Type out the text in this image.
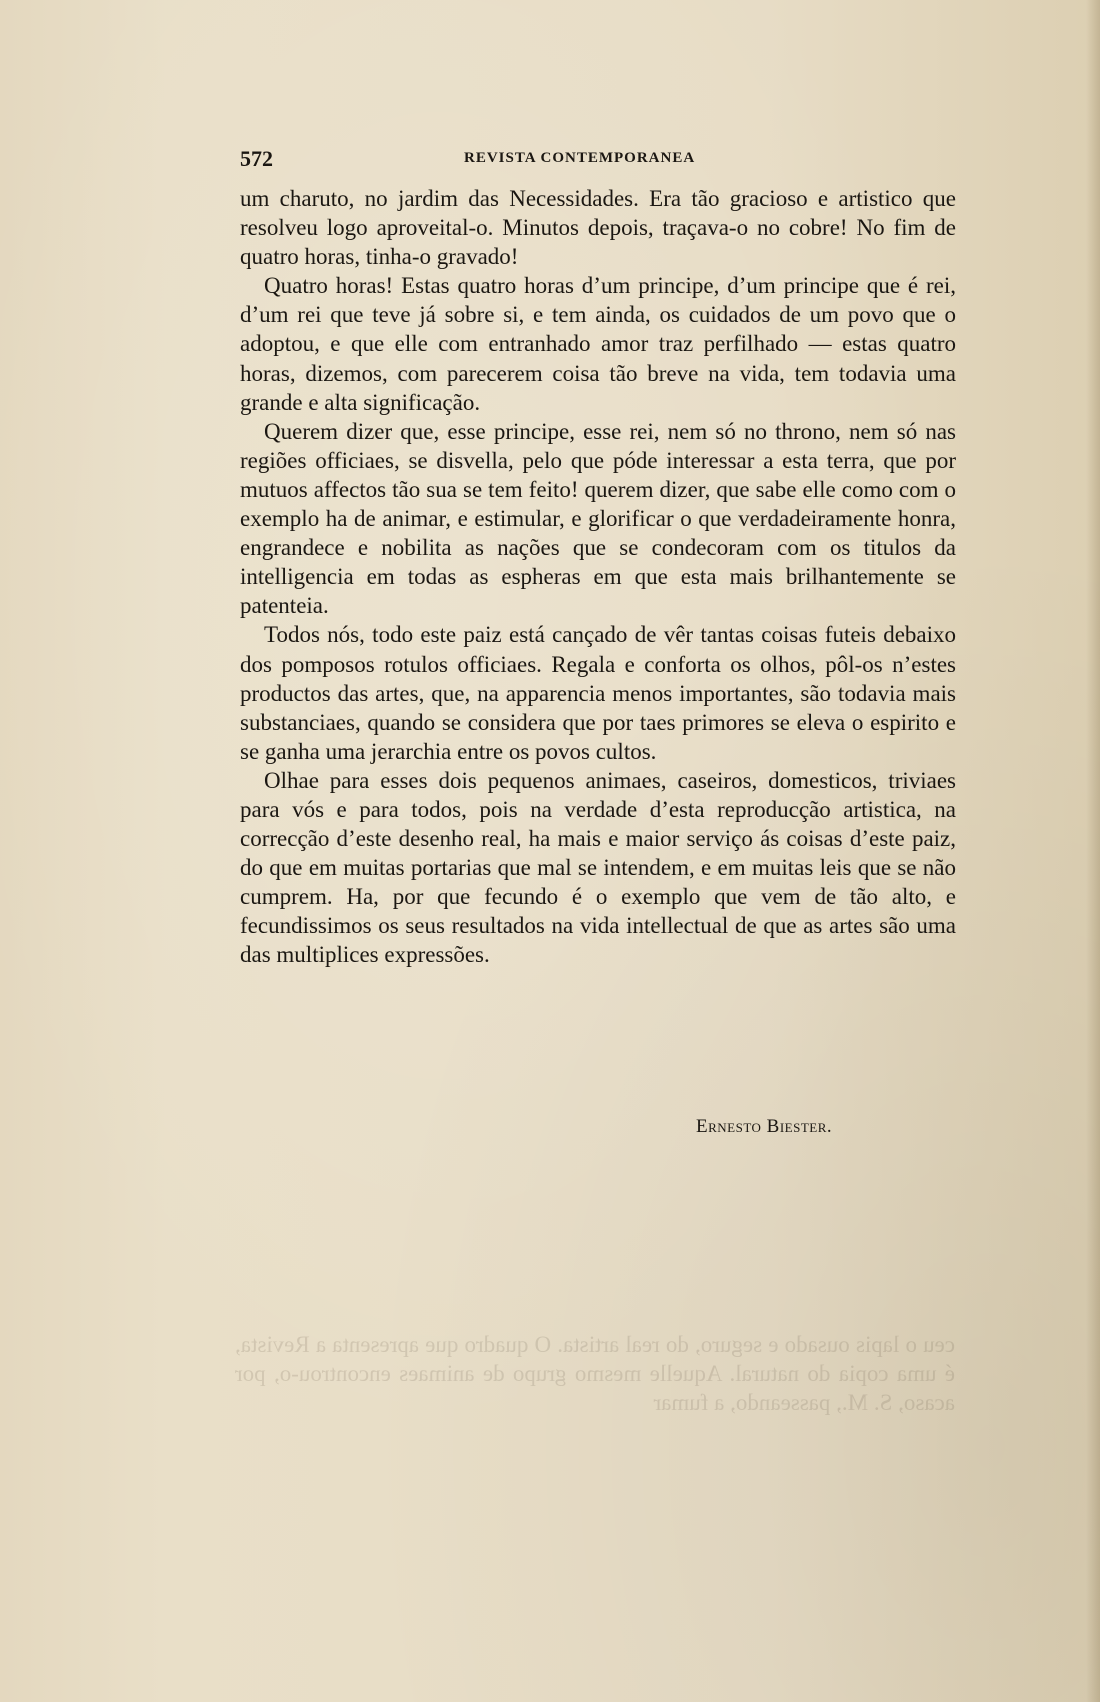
572	REVISTA CONTEMPORANEA

um charuto, no jardim das Necessidades. Era tão gracioso e artistico que resolveu logo aproveital-o. Minutos depois, traçava-o no cobre! No fim de quatro horas, tinha-o gravado!

Quatro horas! Estas quatro horas d’um principe, d’um principe que é rei, d’um rei que teve já sobre si, e tem ainda, os cuidados de um povo que o adoptou, e que elle com entranhado amor traz perfilhado — estas quatro horas, dizemos, com parecerem coisa tão breve na vida, tem todavia uma grande e alta significação.

Querem dizer que, esse principe, esse rei, nem só no throno, nem só nas regiões officiaes, se disvella, pelo que póde interessar a esta terra, que por mutuos affectos tão sua se tem feito! querem dizer, que sabe elle como com o exemplo ha de animar, e estimular, e glorificar o que verdadeiramente honra, engrandece e nobilita as nações que se condecoram com os titulos da intelligencia em todas as espheras em que esta mais brilhantemente se patenteia.

Todos nós, todo este paiz está cançado de vêr tantas coisas futeis debaixo dos pomposos rotulos officiaes. Regala e conforta os olhos, pôl-os n’estes productos das artes, que, na apparencia menos importantes, são todavia mais substanciaes, quando se considera que por taes primores se eleva o espirito e se ganha uma jerarchia entre os povos cultos.

Olhae para esses dois pequenos animaes, caseiros, domesticos, triviaes para vós e para todos, pois na verdade d’esta reproducção artistica, na correcção d’este desenho real, ha mais e maior serviço ás coisas d’este paiz, do que em muitas portarias que mal se intendem, e em muitas leis que se não cumprem. Ha, por que fecundo é o exemplo que vem de tão alto, e fecundissimos os seus resultados na vida intellectual de que as artes são uma das multiplices expressões.

Ernesto Biester.
ceu o lapis ousado e seguro, do real artista. O quadro que apresenta a Revista, é uma copia do natural. Aquelle mesmo grupo de animaes encontrou-o, por acaso, S. M., passeando, a fumar
